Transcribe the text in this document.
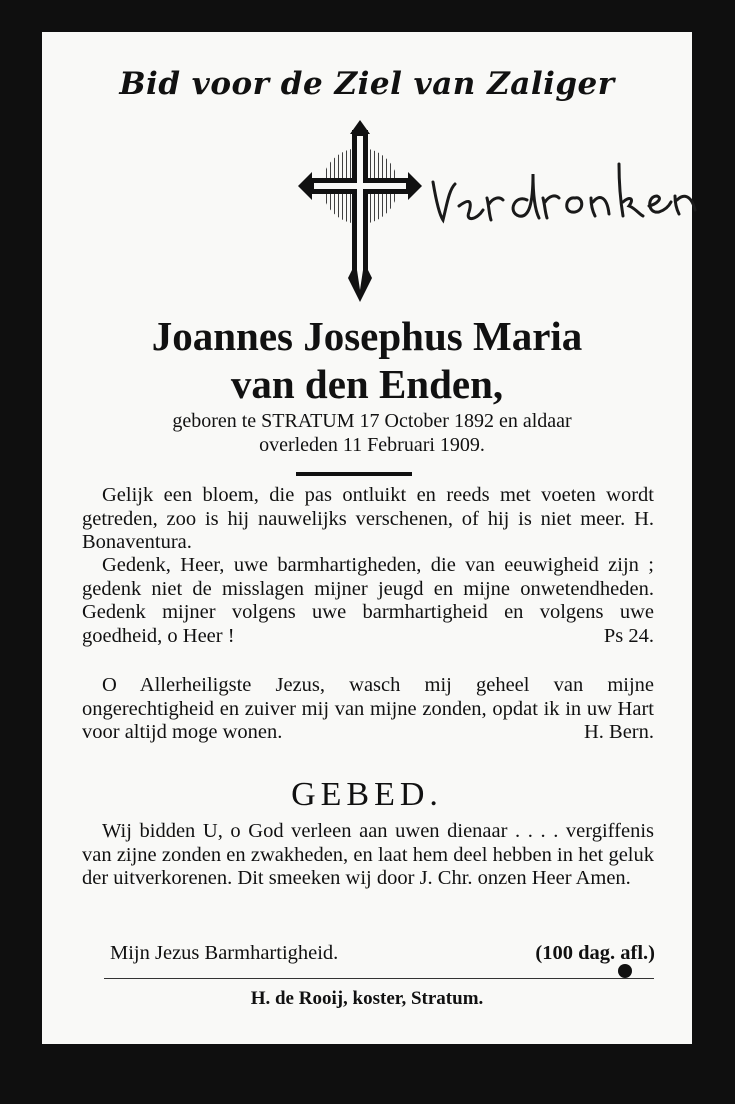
Bid voor de Ziel van Zaliger
Joannes Josephus Maria
van den Enden,
geboren te STRATUM 17 October 1892 en aldaar
overleden 11 Februari 1909.
Gelijk een bloem, die pas ontluikt en reeds met voeten wordt getreden, zoo is hij nauwelijks verschenen, of hij is niet meer. H. Bonaventura.
Gedenk, Heer, uwe barmhartigheden, die van eeuwigheid zijn ; gedenk niet de misslagen mijner jeugd en mijne onwetendheden. Gedenk mijner volgens uwe barmhartigheid en volgens uwe goedheid, o Heer !	Ps 24.
O Allerheiligste Jezus, wasch mij geheel van mijne ongerechtigheid en zuiver mij van mijne zonden, opdat ik in uw Hart voor altijd moge wonen.	H. Bern.
GEBED.
Wij bidden U, o God verleen aan uwen dienaar . . . . vergiffenis van zijne zonden en zwakheden, en laat hem deel hebben in het geluk der uitverkorenen. Dit smeeken wij door J. Chr. onzen Heer Amen.
Mijn Jezus Barmhartigheid.	(100 dag. afl.)
H. de Rooij, koster, Stratum.
